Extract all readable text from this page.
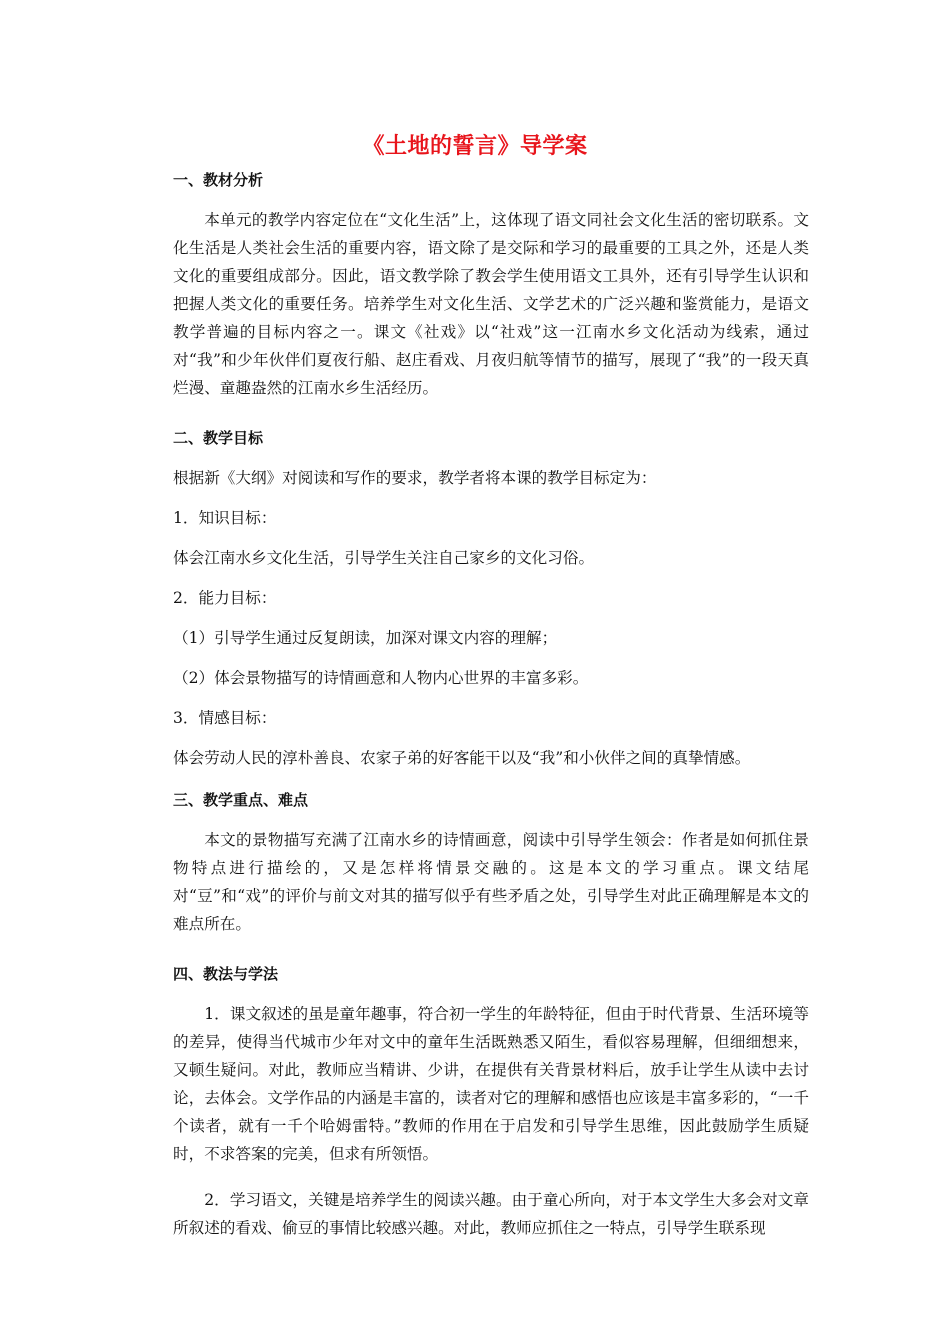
《土地的誓言》导学案

一、教材分析

本单元的教学内容定位在“文化生活”上，这体现了语文同社会文化生活的密切联系。文化生活是人类社会生活的重要内容，语文除了是交际和学习的最重要的工具之外，还是人类文化的重要组成部分。因此，语文教学除了教会学生使用语文工具外，还有引导学生认识和把握人类文化的重要任务。培养学生对文化生活、文学艺术的广泛兴趣和鉴赏能力，是语文教学普遍的目标内容之一。课文《社戏》以“社戏”这一江南水乡文化活动为线索，通过对“我”和少年伙伴们夏夜行船、赵庄看戏、月夜归航等情节的描写，展现了“我”的一段天真烂漫、童趣盎然的江南水乡生活经历。

二、教学目标

根据新《大纲》对阅读和写作的要求，教学者将本课的教学目标定为：

1．知识目标：

体会江南水乡文化生活，引导学生关注自己家乡的文化习俗。

2．能力目标：

（1）引导学生通过反复朗读，加深对课文内容的理解；

（2）体会景物描写的诗情画意和人物内心世界的丰富多彩。

3．情感目标：

体会劳动人民的淳朴善良、农家子弟的好客能干以及“我”和小伙伴之间的真挚情感。

三、教学重点、难点

本文的景物描写充满了江南水乡的诗情画意，阅读中引导学生领会：作者是如何抓住景物特点进行描绘的，又是怎样将情景交融的。这是本文的学习重点。课文结尾对“豆”和“戏”的评价与前文对其的描写似乎有些矛盾之处，引导学生对此正确理解是本文的难点所在。

四、教法与学法

1．课文叙述的虽是童年趣事，符合初一学生的年龄特征，但由于时代背景、生活环境等的差异，使得当代城市少年对文中的童年生活既熟悉又陌生，看似容易理解，但细细想来，又顿生疑问。对此，教师应当精讲、少讲，在提供有关背景材料后，放手让学生从读中去讨论，去体会。文学作品的内涵是丰富的，读者对它的理解和感悟也应该是丰富多彩的，“一千个读者，就有一千个哈姆雷特。”教师的作用在于启发和引导学生思维，因此鼓励学生质疑时，不求答案的完美，但求有所领悟。

2．学习语文，关键是培养学生的阅读兴趣。由于童心所向，对于本文学生大多会对文章所叙述的看戏、偷豆的事情比较感兴趣。对此，教师应抓住之一特点，引导学生联系现
